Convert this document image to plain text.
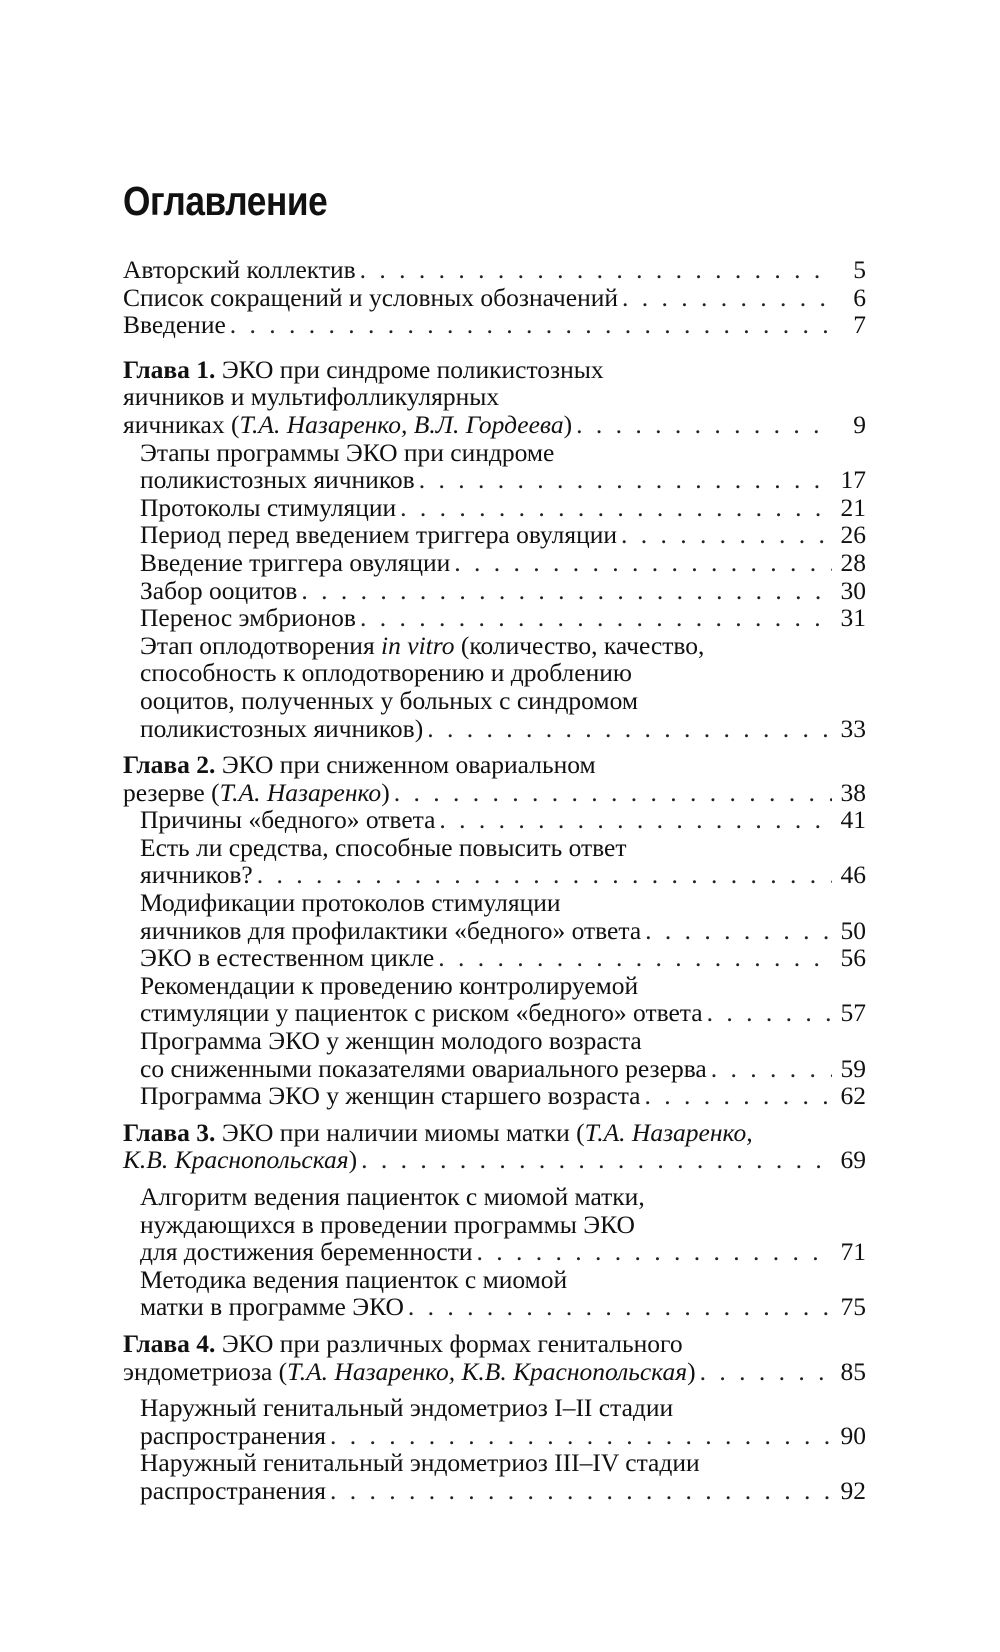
Оглавление
Авторский коллектив . . .	5
Список сокращений и условных обозначений . . .	6
Введение . . .	7
Глава 1. ЭКО при синдроме поликистозных
яичников и мультифолликулярных
яичниках (Т.А. Назаренко, В.Л. Гордеева) . . .	9
Этапы программы ЭКО при синдроме
поликистозных яичников . . .	17
Протоколы стимуляции . . .	21
Период перед введением триггера овуляции . . .	26
Введение триггера овуляции . . .	28
Забор ооцитов . . .	30
Перенос эмбрионов . . .	31
Этап оплодотворения in vitro (количество, качество,
способность к оплодотворению и дроблению
ооцитов, полученных у больных с синдромом
поликистозных яичников) . . .	33
Глава 2. ЭКО при сниженном овариальном
резерве (Т.А. Назаренко) . . .	38
Причины «бедного» ответа . . .	41
Есть ли средства, способные повысить ответ
яичников? . . .	46
Модификации протоколов стимуляции
яичников для профилактики «бедного» ответа . . .	50
ЭКО в естественном цикле . . .	56
Рекомендации к проведению контролируемой
стимуляции у пациенток с риском «бедного» ответа . . .	57
Программа ЭКО у женщин молодого возраста
со сниженными показателями овариального резерва . . .	59
Программа ЭКО у женщин старшего возраста . . .	62
Глава 3. ЭКО при наличии миомы матки (Т.А. Назаренко,
К.В. Краснопольская) . . .	69
Алгоритм ведения пациенток с миомой матки,
нуждающихся в проведении программы ЭКО
для достижения беременности . . .	71
Методика ведения пациенток с миомой
матки в программе ЭКО . . .	75
Глава 4. ЭКО при различных формах генитального
эндометриоза (Т.А. Назаренко, К.В. Краснопольская) . . .	85
Наружный генитальный эндометриоз I–II стадии
распространения . . .	90
Наружный генитальный эндометриоз III–IV стадии
распространения . . .	92
